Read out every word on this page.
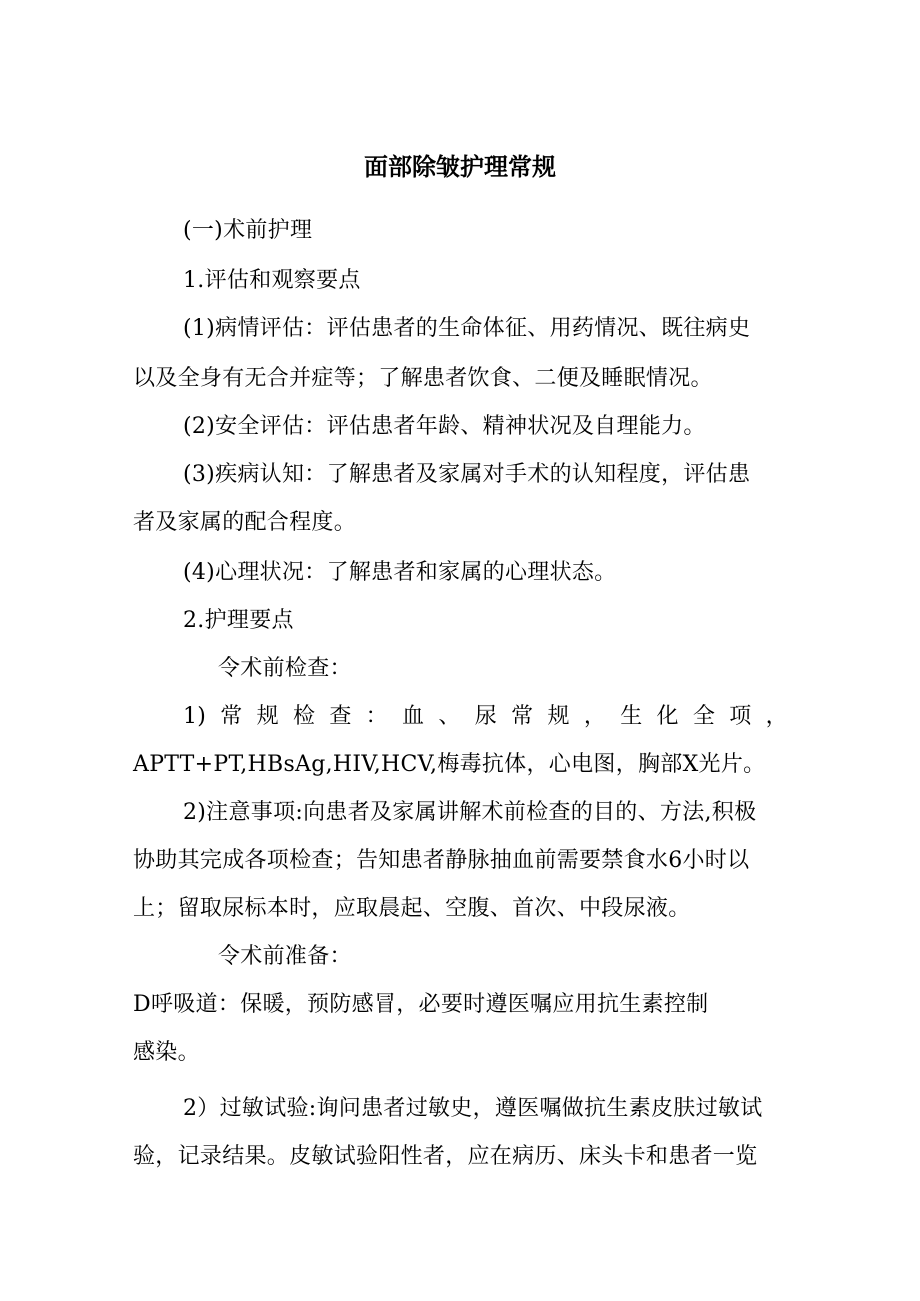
面部除皱护理常规
(一)术前护理
1.评估和观察要点
(1)病情评估：评估患者的生命体征、用药情况、既往病史
以及全身有无合并症等；了解患者饮食、二便及睡眠情况。
(2)安全评估：评估患者年龄、精神状况及自理能力。
(3)疾病认知：了解患者及家属对手术的认知程度，评估患
者及家属的配合程度。
(4)心理状况：了解患者和家属的心理状态。
2.护理要点
令术前检查：
1) 常 规 检 查 ： 血 、 尿 常 规 ， 生 化 全 项 ，
APTT+PT,HBsAg,HIV,HCV,梅毒抗体，心电图，胸部X光片。
2)注意事项:向患者及家属讲解术前检查的目的、方法,积极
协助其完成各项检查；告知患者静脉抽血前需要禁食水6小时以
上；留取尿标本时，应取晨起、空腹、首次、中段尿液。
令术前准备：
D呼吸道：保暖，预防感冒，必要时遵医嘱应用抗生素控制
感染。
2）过敏试验:询问患者过敏史，遵医嘱做抗生素皮肤过敏试
验，记录结果。皮敏试验阳性者，应在病历、床头卡和患者一览
